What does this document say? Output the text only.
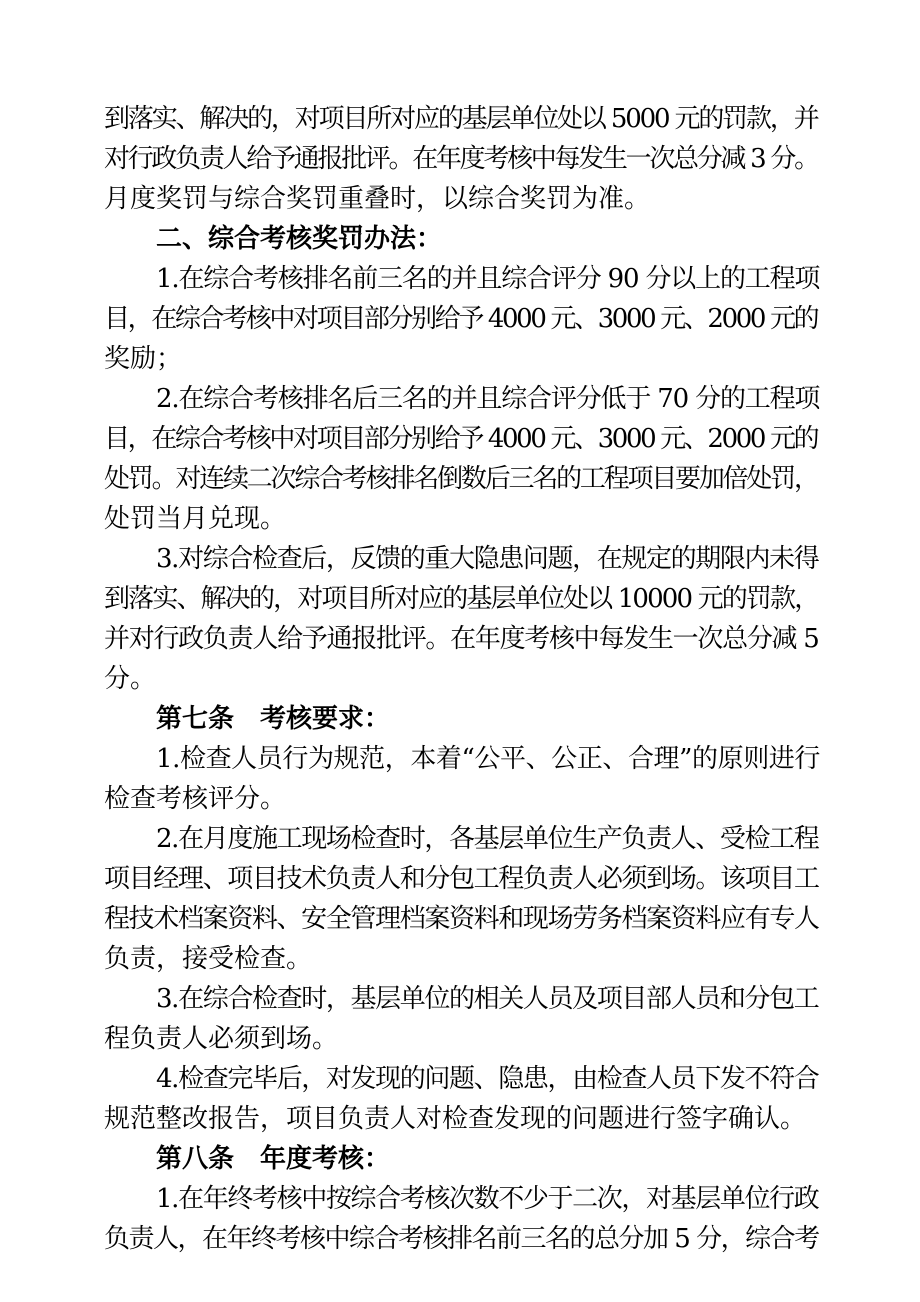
到落实、解决的，对项目所对应的基层单位处以 5000 元的罚款，并
对行政负责人给予通报批评。在年度考核中每发生一次总分减 3 分。
月度奖罚与综合奖罚重叠时，以综合奖罚为准。
二、综合考核奖罚办法：
1.在综合考核排名前三名的并且综合评分 90 分以上的工程项
目，在综合考核中对项目部分别给予 4000 元、3000 元、2000 元的
奖励；
2.在综合考核排名后三名的并且综合评分低于 70 分的工程项
目，在综合考核中对项目部分别给予 4000 元、3000 元、2000 元的
处罚。对连续二次综合考核排名倒数后三名的工程项目要加倍处罚，
处罚当月兑现。
3.对综合检查后，反馈的重大隐患问题，在规定的期限内未得
到落实、解决的，对项目所对应的基层单位处以 10000 元的罚款，
并对行政负责人给予通报批评。在年度考核中每发生一次总分减 5
分。
第七条　考核要求：
1.检查人员行为规范，本着“公平、公正、合理”的原则进行
检查考核评分。
2.在月度施工现场检查时，各基层单位生产负责人、受检工程
项目经理、项目技术负责人和分包工程负责人必须到场。该项目工
程技术档案资料、安全管理档案资料和现场劳务档案资料应有专人
负责，接受检查。
3.在综合检查时，基层单位的相关人员及项目部人员和分包工
程负责人必须到场。
4.检查完毕后，对发现的问题、隐患，由检查人员下发不符合
规范整改报告，项目负责人对检查发现的问题进行签字确认。
第八条　年度考核：
1.在年终考核中按综合考核次数不少于二次，对基层单位行政
负责人，在年终考核中综合考核排名前三名的总分加 5 分，综合考
